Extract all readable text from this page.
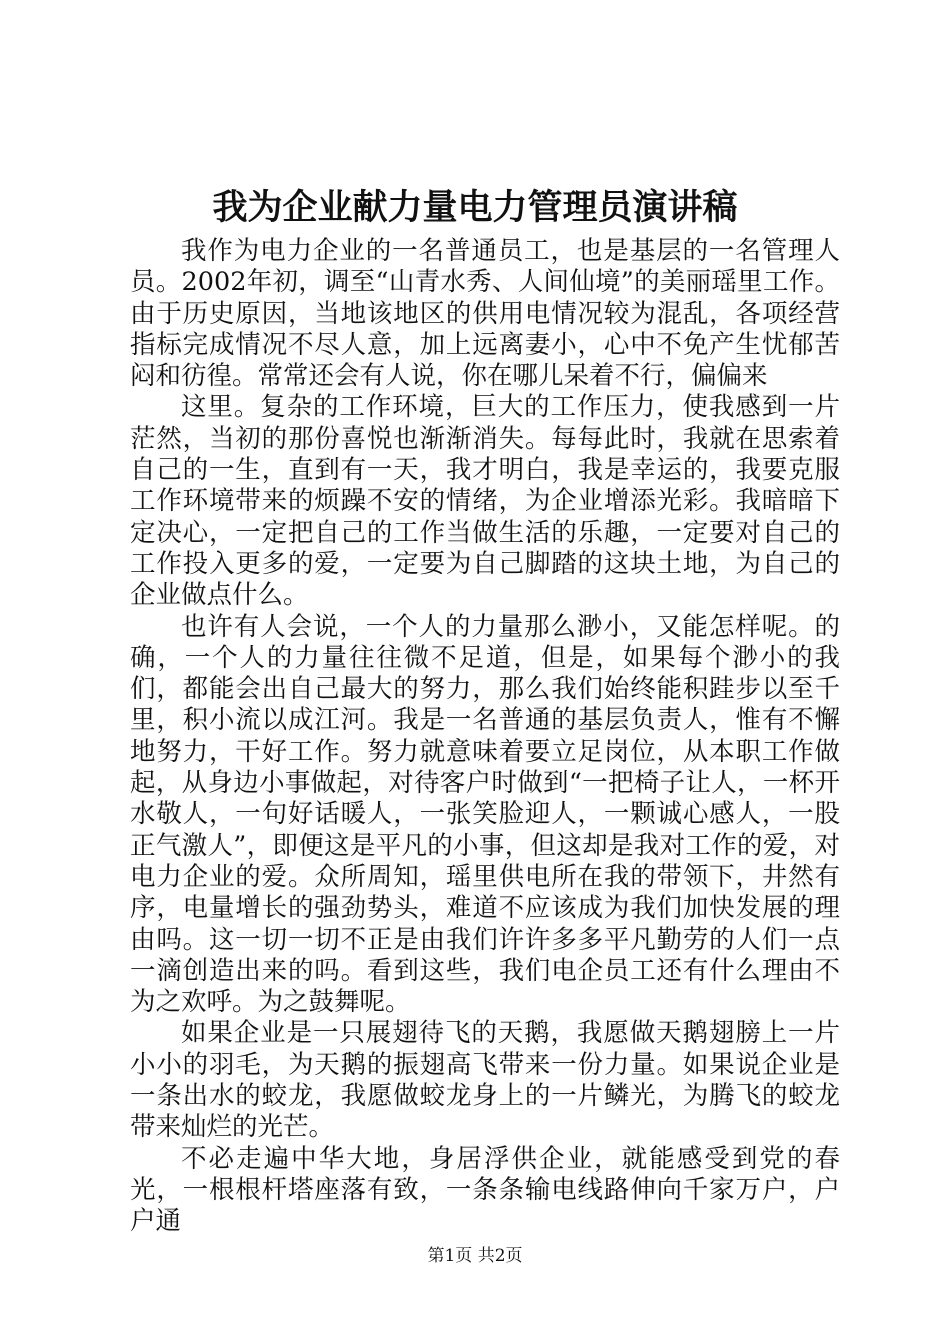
我为企业献力量电力管理员演讲稿

我作为电力企业的一名普通员工，也是基层的一名管理人员。2002年初，调至“山青水秀、人间仙境”的美丽瑶里工作。由于历史原因，当地该地区的供用电情况较为混乱，各项经营指标完成情况不尽人意，加上远离妻小，心中不免产生忧郁苦闷和彷徨。常常还会有人说，你在哪儿呆着不行，偏偏来

这里。复杂的工作环境，巨大的工作压力，使我感到一片茫然，当初的那份喜悦也渐渐消失。每每此时，我就在思索着自己的一生，直到有一天，我才明白，我是幸运的，我要克服工作环境带来的烦躁不安的情绪，为企业增添光彩。我暗暗下定决心，一定把自己的工作当做生活的乐趣，一定要对自己的工作投入更多的爱，一定要为自己脚踏的这块土地，为自己的企业做点什么。

也许有人会说，一个人的力量那么渺小，又能怎样呢。的确，一个人的力量往往微不足道，但是，如果每个渺小的我们，都能会出自己最大的努力，那么我们始终能积跬步以至千里，积小流以成江河。我是一名普通的基层负责人，惟有不懈地努力，干好工作。努力就意味着要立足岗位，从本职工作做起，从身边小事做起，对待客户时做到“一把椅子让人，一杯开水敬人，一句好话暖人，一张笑脸迎人，一颗诚心感人，一股正气激人”，即便这是平凡的小事，但这却是我对工作的爱，对电力企业的爱。众所周知，瑶里供电所在我的带领下，井然有序，电量增长的强劲势头，难道不应该成为我们加快发展的理由吗。这一切一切不正是由我们许许多多平凡勤劳的人们一点一滴创造出来的吗。看到这些，我们电企员工还有什么理由不为之欢呼。为之鼓舞呢。

如果企业是一只展翅待飞的天鹅，我愿做天鹅翅膀上一片小小的羽毛，为天鹅的振翅高飞带来一份力量。如果说企业是一条出水的蛟龙，我愿做蛟龙身上的一片鳞光，为腾飞的蛟龙带来灿烂的光芒。

不必走遍中华大地，身居浮供企业，就能感受到党的春光，一根根杆塔座落有致，一条条输电线路伸向千家万户，户户通

第1页 共2页
